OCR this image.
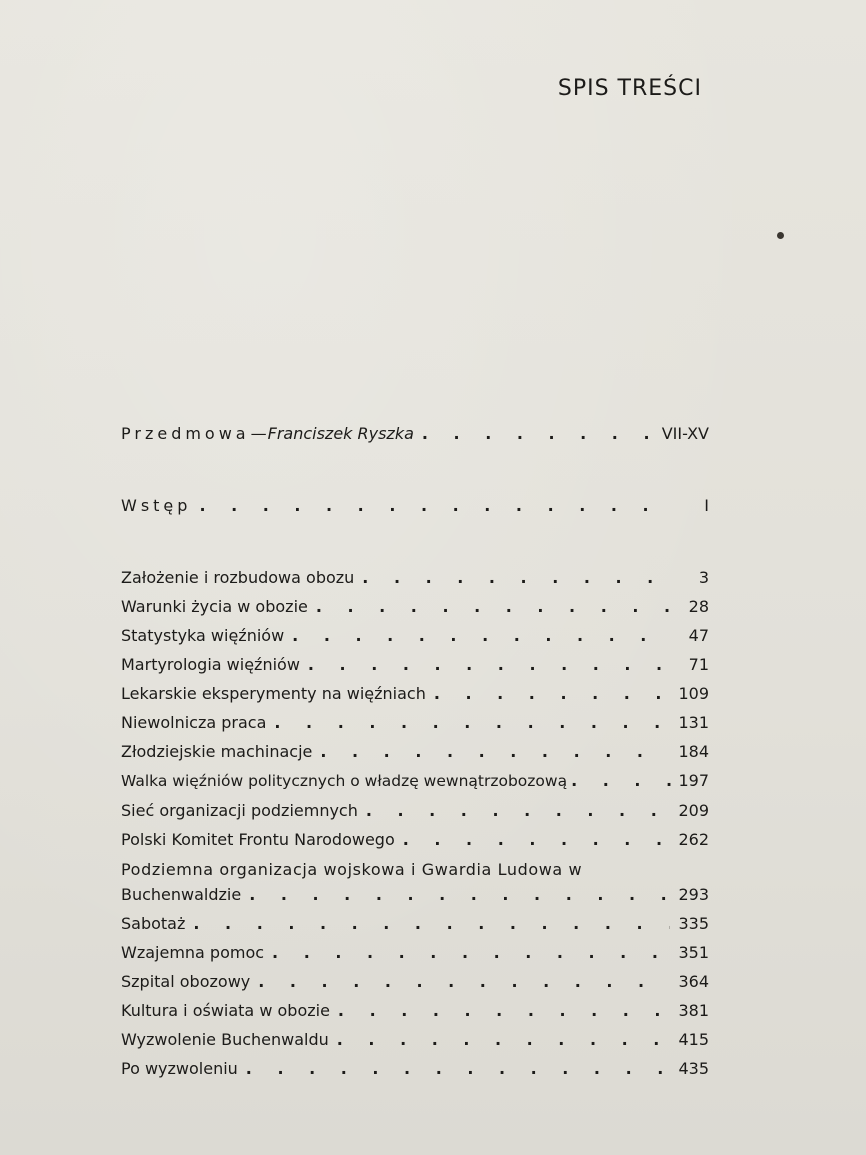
SPIS TREŚCI
Przedmowa—Franciszek Ryszka . . .	VII-XV
Wstęp . . .	I
Założenie i rozbudowa obozu . . .	3
Warunki życia w obozie . . .	28
Statystyka więźniów . . .	47
Martyrologia więźniów . . .	71
Lekarskie eksperymenty na więźniach . . .	109
Niewolnicza praca . . .	131
Złodziejskie machinacje . . .	184
Walka więźniów politycznych o władzę wewnątrzobozową . . .	197
Sieć organizacji podziemnych . . .	209
Polski Komitet Frontu Narodowego . . .	262
Podziemna organizacja wojskowa i Gwardia Ludowa w
Buchenwaldzie . . .	293
Sabotaż . . .	335
Wzajemna pomoc . . .	351
Szpital obozowy . . .	364
Kultura i oświata w obozie . . .	381
Wyzwolenie Buchenwaldu . . .	415
Po wyzwoleniu . . .	435
